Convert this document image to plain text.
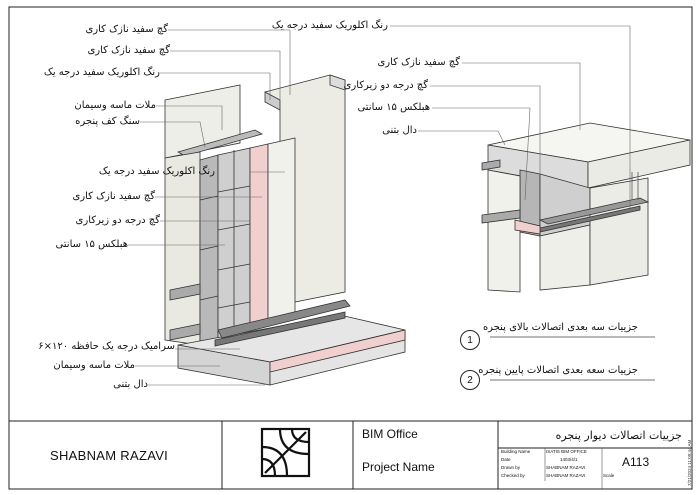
گچ سفید نازک کاری
گچ سفید نازک کاری
رنگ اکلوریک سفید درجه یک
ملات ماسه وسیمان
سنگ کف پنجره
رنگ اکلوریک سفید درجه یک
گچ سفید نازک کاری
گچ درجه دو زیرکاری
هبلکس ۱۵ سانتی
سرامیک درجه یک حافظه ۱۲۰×۶
ملات ماسه وسیمان
دال بتنی
رنگ اکلوریک سفید درجه یک
گچ سفید نازک کاری
گچ درجه دو زیرکاری
هبلکس ۱۵ سانتی
دال بتنی
1
جزییات سه بعدی اتصالات بالای پنجره
2
جزییات سعه بعدی اتصالات پایین پنجره
SHABNAM RAZAVI
BIM Office
Project Name
جزییات اتصالات دیوار پنجره
Building Name	ISATIS BIM OFFICE
Date	1403/4/1
Drawn by	SHABNAM RAZAVI
Checked by	SHABNAM RAZAVI	Scale
A113	7/21/2024 11:09:44 AM
